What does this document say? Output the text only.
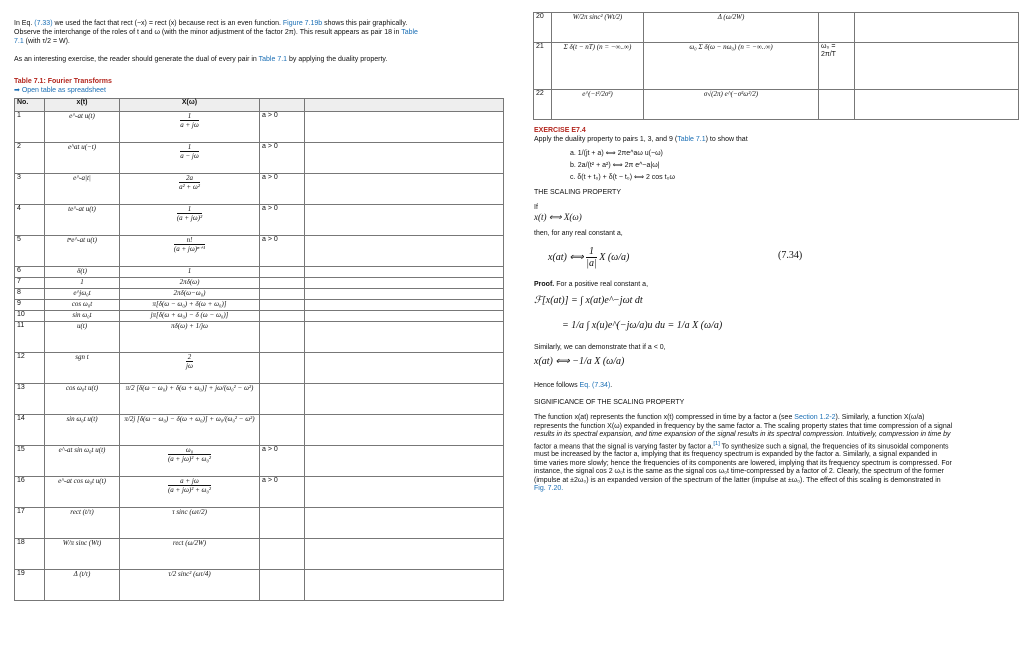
In Eq. (7.33) we used the fact that rect (−x) = rect (x) because rect is an even function. Figure 7.19b shows this pair graphically.
Observe the interchange of the roles of t and ω (with the minor adjustment of the factor 2π). This result appears as pair 18 in Table
7.1 (with τ/2 = W).
As an interesting exercise, the reader should generate the dual of every pair in Table 7.1 by applying the duality property.
Table 7.1: Fourier Transforms
➡ Open table as spreadsheet
No.	x(t)	X(ω)		
1	e^-at u(t)	$\frac{1}{a + j\omega}$	a > 0	
2	e^at u(−t)	$\frac{1}{a - j\omega}$	a > 0	
3	e^-a|t|	$\frac{2a}{\text{a² + ω²}}$	a > 0	
4	te^-at u(t)	$\frac{1}{\text{(a + jω)²}}$	a > 0	
5	tⁿe^-at u(t)	$\frac{n!}{\text{(a + jω)ⁿ⁺¹}}$	a > 0	
6	δ(t)	1		
7	1	2πδ(ω)		
8	e^jω₀t	2πδ(ω−ω₀)		
9	cos ω₀t	π[δ(ω − ω₀) + δ(ω + ω₀)]		
10	sin ω₀t	jπ[δ(ω + ω₀) − δ (ω − ω₀)]		
11	u(t)	πδ(ω) + 1/jω		
12	sgn t	$\frac{2}{j\omega}$

13	cos ω₀t u(t)	π/2 [δ(ω − ω₀) + δ(ω + ω₀)] + jω/(ω₀² − ω²)		
14	sin ω₀t u(t)	π/2j [δ(ω − ω₀) − δ(ω + ω₀)] + ω₀/(ω₀² − ω²)		
15	e^-at sin ω₀t u(t)	$\frac{\text{ω₀}}{\text{(a + jω)² + ω₀²}}$	a > 0	
16	e^-at cos ω₀t u(t)	$\frac{a + j\omega}{\text{(a + jω)² + ω₀²}}$	a > 0	
17	rect (t/τ)	τ sinc (ωτ/2)		
18	W/π sinc (Wt)	rect (ω/2W)		
19	Δ (t/τ)	τ/2 sinc² (ωτ/4)		
20	W/2π sinc² (Wt/2)	Δ (ω/2W)		
21	Σ δ(t − nT) (n = −∞..∞)	ω₀ Σ δ(ω − nω₀) (n = −∞..∞)	ω₀ = 2π/T	
22	e^(−t²/2σ²)	σ√(2π) e^(−σ²ω²/2)		
EXERCISE E7.4
Apply the duality property to pairs 1, 3, and 9 (Table 7.1) to show that
a. 1/(jt + a) ⟺ 2πe^aω u(−ω)
b. 2a/(t² + a²) ⟺ 2π e^−a|ω|
c. δ(t + t₀) + δ(t − t₀) ⟺ 2 cos t₀ω
THE SCALING PROPERTY
If
x(t) ⟺ X(ω)
then, for any real constant a,
x(at) ⟺ $\frac{1}{|a|}$ X (ω/a)	(7.34)
Proof. For a positive real constant a,
ℱ[x(at)] = ∫ x(at)e^−jωt dt
= 1/a ∫ x(u)e^(−jω/a)u du = 1/a X (ω/a)
Similarly, we can demonstrate that if a < 0,
x(at) ⟺ −1/a X (ω/a)
Hence follows Eq. (7.34).
SIGNIFICANCE OF THE SCALING PROPERTY
The function x(at) represents the function x(t) compressed in time by a factor a (see Section 1.2-2). Similarly, a function X(ω/a)
represents the function X(ω) expanded in frequency by the same factor a. The scaling property states that time compression of a signal
results in its spectral expansion, and time expansion of the signal results in its spectral compression. Intuitively, compression in time by
factor a means that the signal is varying faster by factor a.[1] To synthesize such a signal, the frequencies of its sinusoidal components
must be increased by the factor a, implying that its frequency spectrum is expanded by the factor a. Similarly, a signal expanded in
time varies more slowly; hence the frequencies of its components are lowered, implying that its frequency spectrum is compressed. For
instance, the signal cos 2 ω₀t is the same as the signal cos ω₀t time-compressed by a factor of 2. Clearly, the spectrum of the former
(impulse at ±2ω₀) is an expanded version of the spectrum of the latter (impulse at ±ω₀). The effect of this scaling is demonstrated in
Fig. 7.20.
